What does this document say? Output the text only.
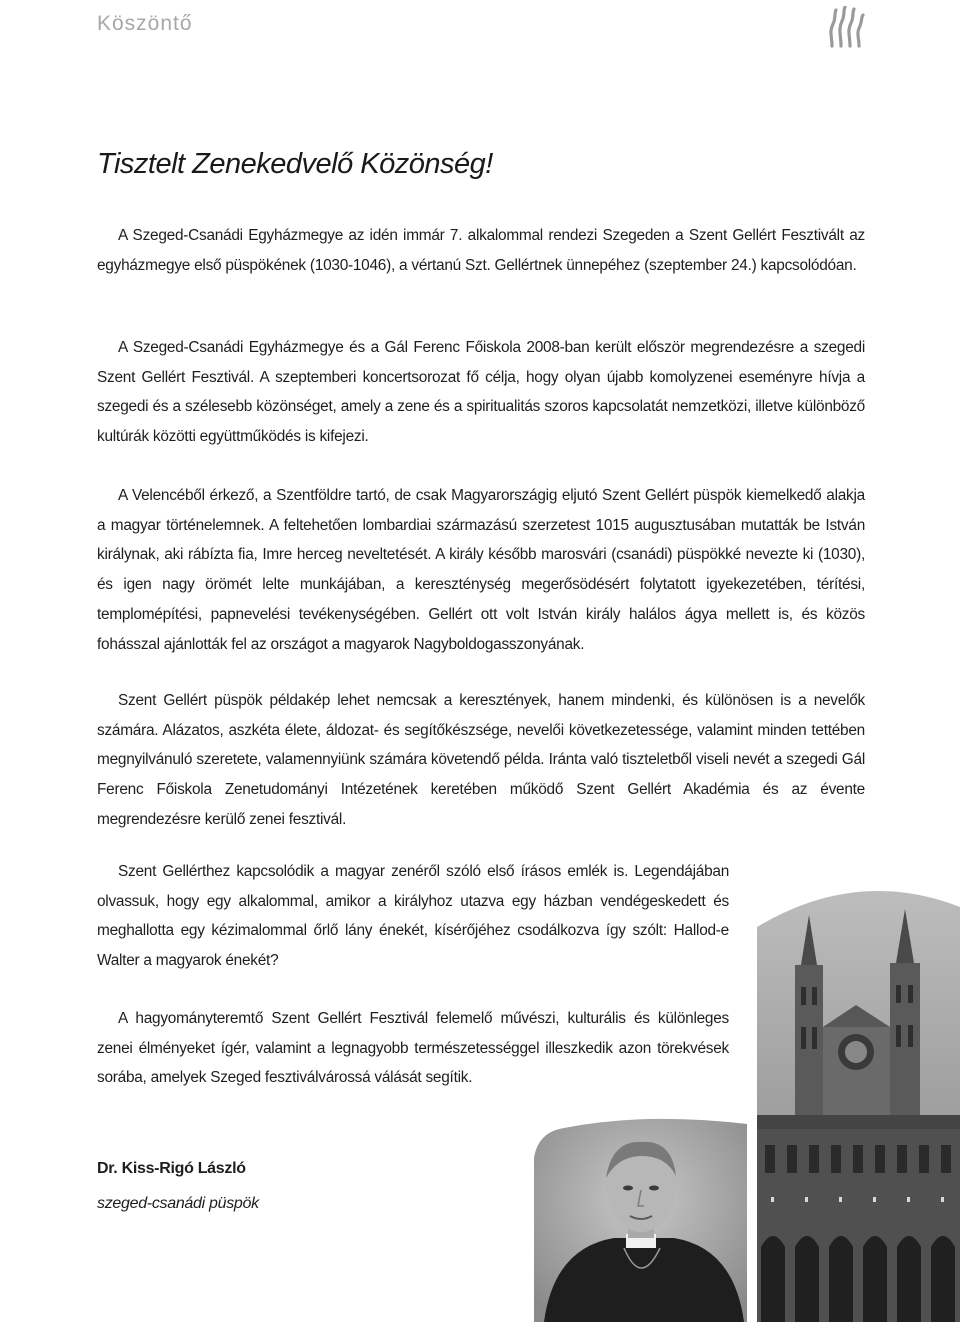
Köszöntő
Tisztelt Zenekedvelő Közönség!

A Szeged-Csanádi Egyházmegye az idén immár 7. alkalommal rendezi Szegeden a Szent Gellért Fesztivált az egyházmegye első püspökének (1030-1046), a vértanú Szt. Gellértnek ünnepéhez (szeptember 24.) kapcsolódóan.

A Szeged-Csanádi Egyházmegye és a Gál Ferenc Főiskola 2008-ban került először megrendezésre a szegedi Szent Gellért Fesztivál. A szeptemberi koncertsorozat fő célja, hogy olyan újabb komolyzenei eseményre hívja a szegedi és a szélesebb közönséget, amely a zene és a spiritualitás szoros kapcsolatát nemzetközi, illetve különböző kultúrák közötti együttműködés is kifejezi.

A Velencéből érkező, a Szentföldre tartó, de csak Magyarországig eljutó Szent Gellért püspök kiemelkedő alakja a magyar történelemnek. A feltehetően lombardiai származású szerzetest 1015 augusztusában mutatták be István királynak, aki rábízta fia, Imre herceg neveltetését. A király később marosvári (csanádi) püspökké nevezte ki (1030), és igen nagy örömét lelte munkájában, a kereszténység megerősödésért folytatott igyekezetében, térítési, templomépítési, papnevelési tevékenységében. Gellért ott volt István király halálos ágya mellett is, és közös fohásszal ajánlották fel az országot a magyarok Nagyboldogasszonyának.

Szent Gellért püspök példakép lehet nemcsak a keresztények, hanem mindenki, és különösen is a nevelők számára. Alázatos, aszkéta élete, áldozat- és segítőkészsége, nevelői következetessége, valamint minden tettében megnyilvánuló szeretete, valamennyiünk számára követendő példa. Iránta való tiszteletből viseli nevét a szegedi Gál Ferenc Főiskola Zenetudományi Intézetének keretében működő Szent Gellért Akadémia és az évente megrendezésre kerülő zenei fesztivál.

Szent Gellérthez kapcsolódik a magyar zenéről szóló első írásos emlék is. Legendájában olvassuk, hogy egy alkalommal, amikor a királyhoz utazva egy házban vendégeskedett és meghallotta egy kézimalommal őrlő lány énekét, kísérőjéhez csodálkozva így szólt: Hallod-e Walter a magyarok énekét?

A hagyományteremtő Szent Gellért Fesztivál felemelő művészi, kulturális és különleges zenei élményeket ígér, valamint a legnagyobb természetességgel illeszkedik azon törekvések sorába, amelyek Szeged fesztiválvárossá válását segítik.

Dr. Kiss-Rigó László

szeged-csanádi püspök
